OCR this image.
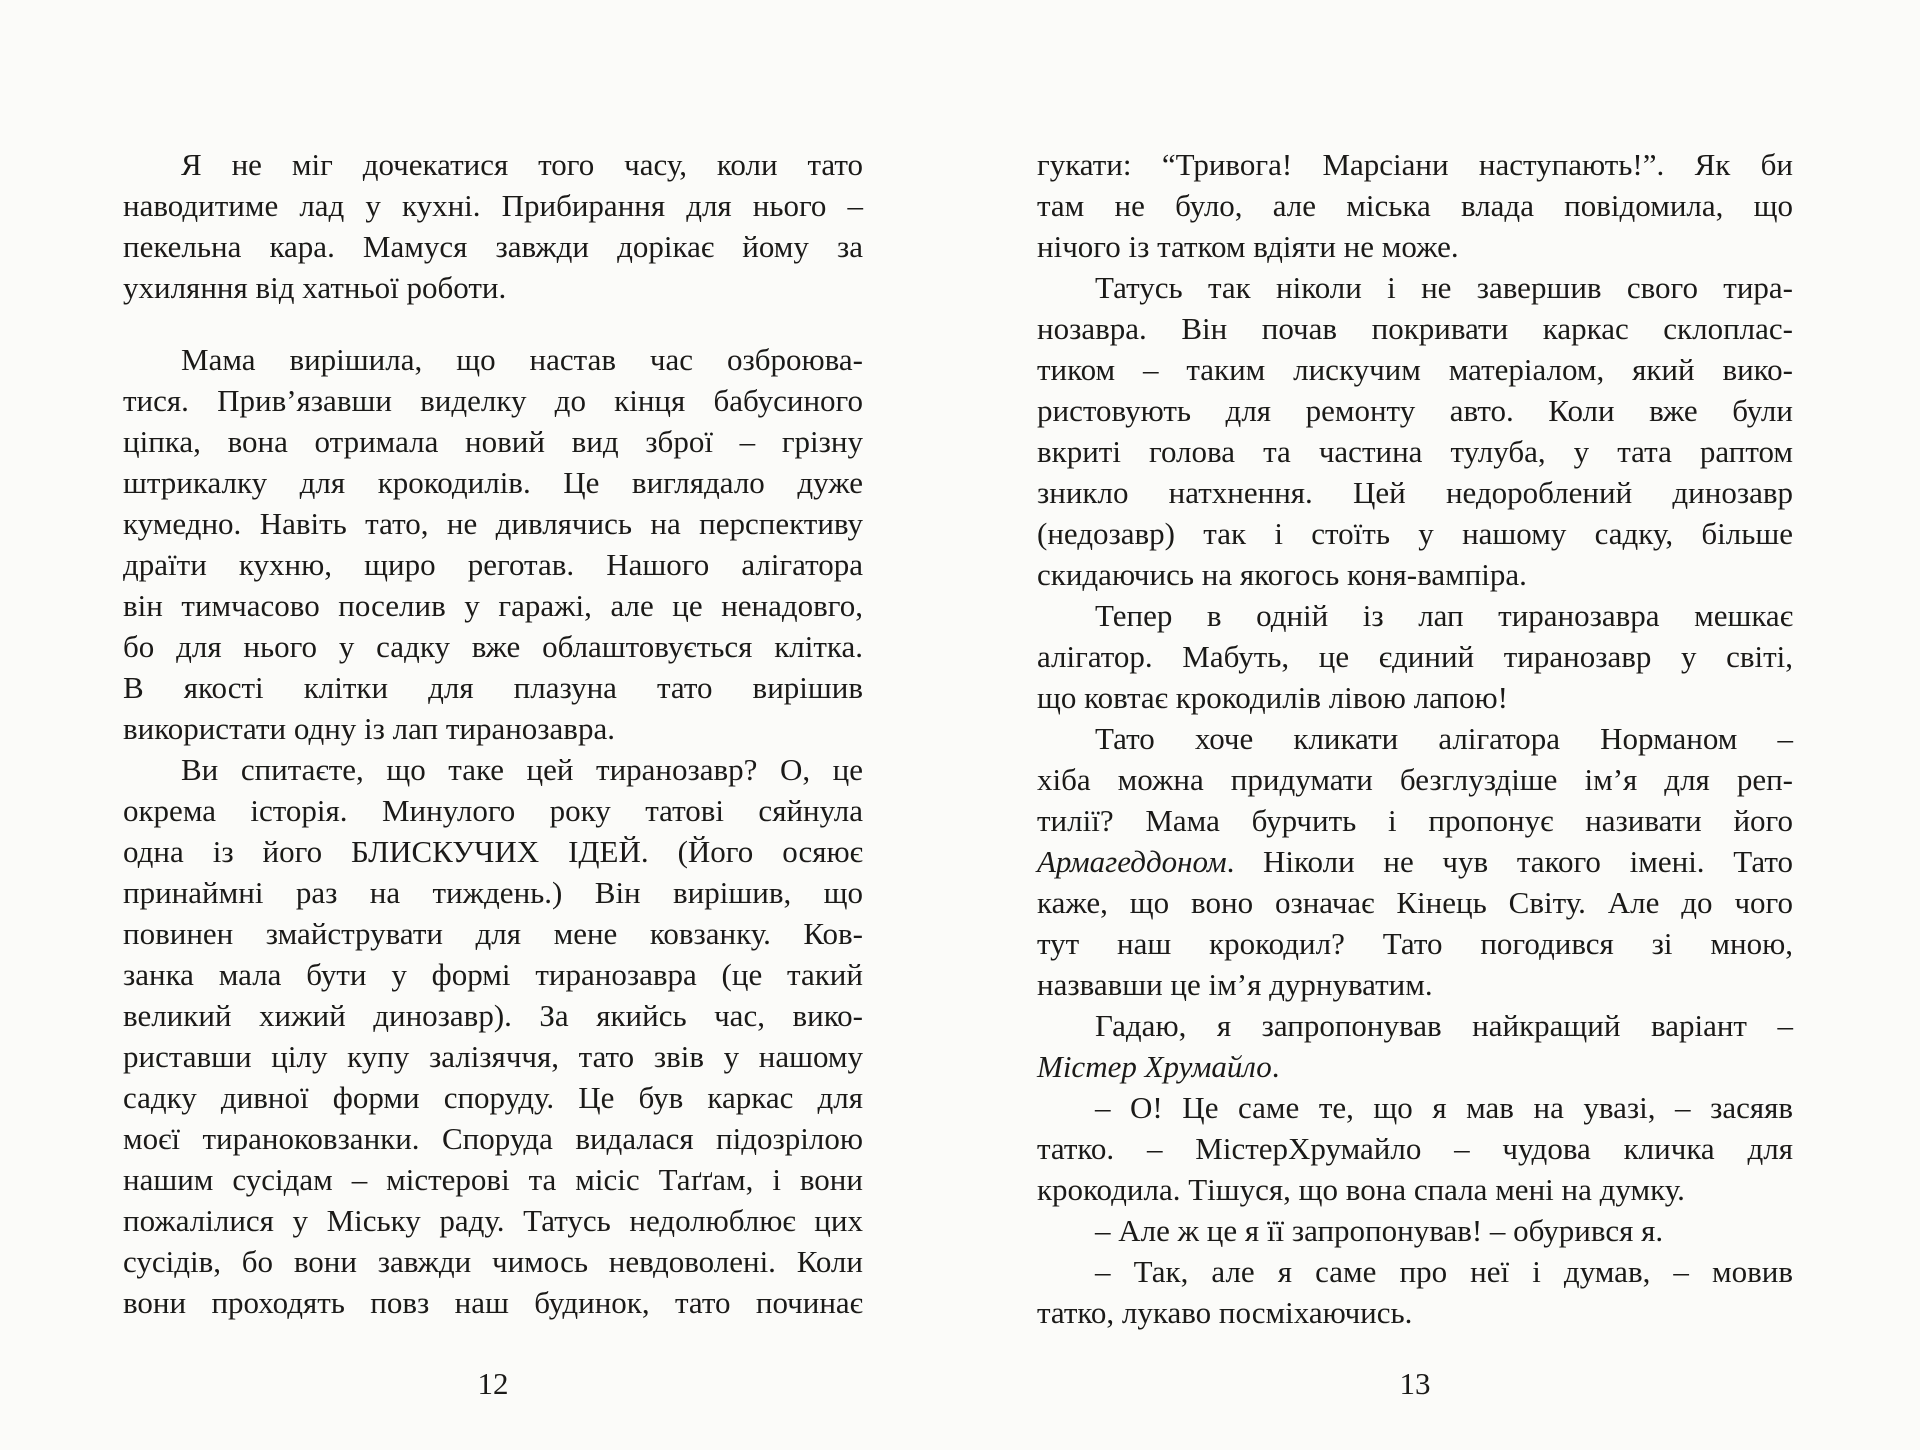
Я не міг дочекатися того часу, коли тато
наводитиме лад у кухні. Прибирання для нього –
пекельна кара. Мамуся завжди дорікає йому за
ухиляння від хатньої роботи.
Мама вирішила, що настав час озброюва-
тися. Прив’язавши виделку до кінця бабусиного
ціпка, вона отримала новий вид зброї – грізну
штрикалку для крокодилів. Це виглядало дуже
кумедно. Навіть тато, не дивлячись на перспективу
драїти кухню, щиро реготав. Нашого алігатора
він тимчасово поселив у гаражі, але це ненадовго,
бо для нього у садку вже облаштовується клітка.
В якості клітки для плазуна тато вирішив
використати одну із лап тиранозавра.
Ви спитаєте, що таке цей тиранозавр? О, це
окрема історія. Минулого року татові сяйнула
одна із його БЛИСКУЧИХ ІДЕЙ. (Його осяює
принаймні раз на тиждень.) Він вирішив, що
повинен змайструвати для мене ковзанку. Ков-
занка мала бути у формі тиранозавра (це такий
великий хижий динозавр). За якийсь час, вико-
риставши цілу купу залізяччя, тато звів у нашому
садку дивної форми споруду. Це був каркас для
моєї тираноковзанки. Споруда видалася підозрілою
нашим сусідам – містерові та місіс Таґґам, і вони
пожалілися у Міську раду. Татусь недолюблює цих
сусідів, бо вони завжди чимось невдоволені. Коли
вони проходять повз наш будинок, тато починає
12
гукати: “Тривога! Марсіани наступають!”. Як би
там не було, але міська влада повідомила, що
нічого із татком вдіяти не може.
Татусь так ніколи і не завершив свого тира-
нозавра. Він почав покривати каркас склоплас-
тиком – таким лискучим матеріалом, який вико-
ристовують для ремонту авто. Коли вже були
вкриті голова та частина тулуба, у тата раптом
зникло натхнення. Цей недороблений динозавр
(недозавр) так і стоїть у нашому садку, більше
скидаючись на якогось коня-вампіра.
Тепер в одній із лап тиранозавра мешкає
алігатор. Мабуть, це єдиний тиранозавр у світі,
що ковтає крокодилів лівою лапою!
Тато хоче кликати алігатора Норманом –
хіба можна придумати безглуздіше ім’я для реп-
тилії? Мама бурчить і пропонує називати його
Армагеддоном. Ніколи не чув такого імені. Тато
каже, що воно означає Кінець Світу. Але до чого
тут наш крокодил? Тато погодився зі мною,
назвавши це ім’я дурнуватим.
Гадаю, я запропонував найкращий варіант –
Містер Хрумайло.
– О! Це саме те, що я мав на увазі, – засяяв
татко. – МістерХрумайло – чудова кличка для
крокодила. Тішуся, що вона спала мені на думку.
– Але ж це я її запропонував! – обурився я.
– Так, але я саме про неї і думав, – мовив
татко, лукаво посміхаючись.
13
